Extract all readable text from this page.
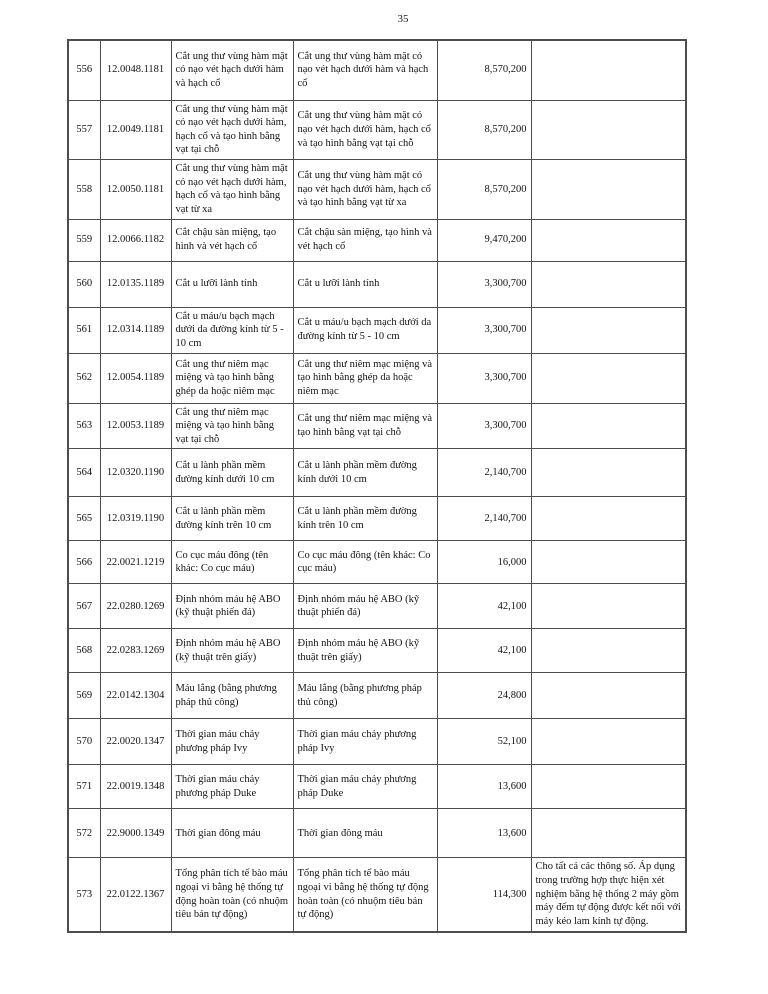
35
556	12.0048.1181	Cắt ung thư vùng hàm mặt có nạo vét hạch dưới hàm và hạch cổ	Cắt ung thư vùng hàm mặt có nạo vét hạch dưới hàm và hạch cổ	8,570,200	
557	12.0049.1181	Cắt ung thư vùng hàm mặt có nạo vét hạch dưới hàm, hạch cổ và tạo hình bằng vạt tại chỗ	Cắt ung thư vùng hàm mặt có nạo vét hạch dưới hàm, hạch cổ và tạo hình bằng vạt tại chỗ	8,570,200	
558	12.0050.1181	Cắt ung thư vùng hàm mặt có nạo vét hạch dưới hàm, hạch cổ và tạo hình bằng vạt từ xa	Cắt ung thư vùng hàm mặt có nạo vét hạch dưới hàm, hạch cổ và tạo hình bằng vạt từ xa	8,570,200	
559	12.0066.1182	Cắt chậu sàn miệng, tạo hình và vét hạch cổ	Cắt chậu sàn miệng, tạo hình và vét hạch cổ	9,470,200	
560	12.0135.1189	Cắt u lưỡi lành tính	Cắt u lưỡi lành tính	3,300,700	
561	12.0314.1189	Cắt u máu/u bạch mạch dưới da đường kính từ 5 - 10 cm	Cắt u máu/u bạch mạch dưới da đường kính từ 5 - 10 cm	3,300,700	
562	12.0054.1189	Cắt ung thư niêm mạc miệng và tạo hình bằng ghép da hoặc niêm mạc	Cắt ung thư niêm mạc miệng và tạo hình bằng ghép da hoặc niêm mạc	3,300,700	
563	12.0053.1189	Cắt ung thư niêm mạc miệng và tạo hình bằng vạt tại chỗ	Cắt ung thư niêm mạc miệng và tạo hình bằng vạt tại chỗ	3,300,700	
564	12.0320.1190	Cắt u lành phần mềm đường kính dưới 10 cm	Cắt u lành phần mềm đường kính dưới 10 cm	2,140,700	
565	12.0319.1190	Cắt u lành phần mềm đường kính trên 10 cm	Cắt u lành phần mềm đường kính trên 10 cm	2,140,700	
566	22.0021.1219	Co cục máu đông (tên khác: Co cục máu)	Co cục máu đông (tên khác: Co cục máu)	16,000	
567	22.0280.1269	Định nhóm máu hệ ABO (kỹ thuật phiến đá)	Định nhóm máu hệ ABO (kỹ thuật phiến đá)	42,100	
568	22.0283.1269	Định nhóm máu hệ ABO (kỹ thuật trên giấy)	Định nhóm máu hệ ABO (kỹ thuật trên giấy)	42,100	
569	22.0142.1304	Máu lắng (bằng phương pháp thủ công)	Máu lắng (bằng phương pháp thủ công)	24,800	
570	22.0020.1347	Thời gian máu chảy phương pháp Ivy	Thời gian máu chảy phương pháp Ivy	52,100	
571	22.0019.1348	Thời gian máu chảy phương pháp Duke	Thời gian máu chảy phương pháp Duke	13,600	
572	22.9000.1349	Thời gian đông máu	Thời gian đông máu	13,600	
573	22.0122.1367	Tổng phân tích tế bào máu ngoại vi bằng hệ thống tự động hoàn toàn (có nhuộm tiêu bản tự động)	Tổng phân tích tế bào máu ngoại vi bằng hệ thống tự động hoàn toàn (có nhuộm tiêu bản tự động)	114,300	Cho tất cả các thông số. Áp dụng trong trường hợp thực hiện xét nghiệm bằng hệ thống 2 máy gồm máy đếm tự động được kết nối với máy kéo lam kính tự động.
